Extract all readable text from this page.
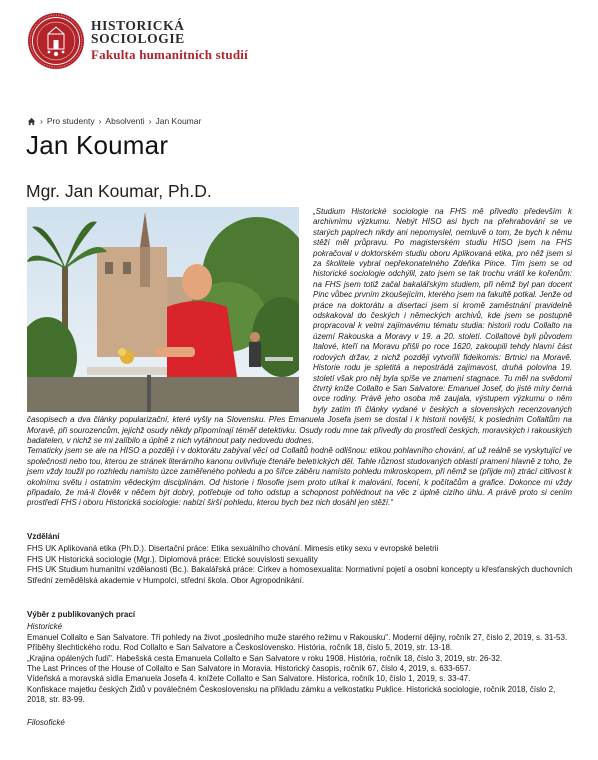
HISTORICKÁ
SOCIOLOGIE
Fakulta humanitních studií
› Pro studenty › Absolventi › Jan Koumar
Jan Koumar
Mgr. Jan Koumar, Ph.D.

„Studium Historické sociologie na FHS mě přivedlo především k archivnímu výzkumu. Nebýt HISO asi bych na přehrabování se ve starých papírech nikdy ani nepomyslel, nemluvě o tom, že bych k němu stěží měl průpravu. Po magisterském studiu HISO jsem na FHS pokračoval v doktorském studiu oboru Aplikovaná etika, pro něž jsem si za školitele vybral nepřekonatelného Zdeňka Pince. Tím jsem se od historické sociologie odchýlil, zato jsem se tak trochu vrátil ke kořenům: na FHS jsem totiž začal bakalářským studiem, při němž byl pan docent Pinc vůbec prvním zkoušejícím, kterého jsem na fakultě potkal. Jenže od práce na doktorátu a disertaci jsem si kromě zaměstnání pravidelně odskakoval do českých i německých archivů, kde jsem se postupně propracoval k velmi zajímavému tématu studia: historii rodu Collalto na území Rakouska a Moravy v 19. a 20. století. Collaltové byli původem Italové, kteří na Moravu přišli po roce 1620, zakoupili tehdy hlavní část rodových držav, z nichž později vytvořili fideikomis: Brtnici na Moravě. Historie rodu je spletitá a nepostrádá zajímavost, druhá polovina 19. století však pro něj byla spíše ve znamení stagnace. Tu měl na svědomí čtvrtý kníže Collalto e San Salvatore: Emanuel Josef, do jisté míry černá ovce rodiny. Právě jeho osoba mě zaujala, výstupem výzkumu o něm byly zatím tři články vydané v českých a slovenských recenzovaných časopisech a dva články popularizační, které vyšly na Slovensku. Přes Emanuela Josefa jsem se dostal i k historii novější, k posledním Collaltům na Moravě, při sourozencům, jejichž osudy někdy připomínají téměř detektivku. Osudy rodu mne tak přivedly do prostředí českých, moravských i rakouských badatelen, v nichž se mi zalíbilo a úplně z nich vytáhnout paty nedovedu dodnes.

Tematicky jsem se ale na HISO a později i v doktorátu zabýval věcí od Collaltů hodně odlišnou: etikou pohlavního chování, ať už reálně se vyskytující ve společnosti nebo tou, kterou ze stránek literárního kanonu ovlivňuje čtenáře beletrických děl. Tahle různost studovaných oblastí pramení hlavně z toho, že jsem vždy toužil po rozhledu namísto úzce zaměřeného pohledu a po šířce záběru namísto pohledu mikroskopem, při němž se (přijde mi) ztrácí citlivost k okolnímu světu i ostatním vědeckým disciplínám. Od historie i filosofie jsem proto utíkal k malování, focení, k počítačům a grafice. Dokonce mi vždy připadalo, že má-li člověk v něčem být dobrý, potřebuje od toho odstup a schopnost pohlédnout na věc z úplně cizího úhlu. A právě proto si cením prostředí FHS i oboru Historická sociologie: nabízí širší pohledu, kterou bych bez nich dosáhl jen stěží.“

Vzdělání

FHS UK Aplikovaná etika (Ph.D.). Disertační práce: Etika sexuálního chování. Mimesis etiky sexu v evropské beletrii

FHS UK Historická sociologie (Mgr.). Diplomová práce: Etické souvislosti sexuality

FHS UK Studium humanitní vzdělanosti (Bc.). Bakalářská práce: Církev a homosexualita: Normativní pojetí a osobní koncepty u křesťanských duchovních

Střední zemědělská akademie v Humpolci, střední škola. Obor Agropodnikání.

Výběr z publikovaných prací

Historické

Emanuel Collalto e San Salvatore. Tři pohledy na život „posledního muže starého režimu v Rakousku". Moderní dějiny, ročník 27, číslo 2, 2019, s. 31-53.

Příběhy šlechtického rodu. Rod Collalto e San Salvatore a Československo. História, ročník 18, číslo 5, 2019, str. 13-18.

„Krajina opálených ľudí". Habešská cesta Emanuela Collalto e San Salvatore v roku 1908. História, ročník 18, číslo 3, 2019, str. 26-32.

The Last Princes of the House of Collalto e San Salvatore in Moravia. Historický časopis, ročník 67, číslo 4, 2019, s. 633-657.

Vídeňská a moravská sídla Emanuela Josefa 4. knížete Collalto e San Salvatore. Historica, ročník 10, číslo 1, 2019, s. 33-47.

Konfiskace majetku českých Židů v poválečném Československu na příkladu zámku a velkostatku Puklice. Historická sociologie, ročník 2018, číslo 2, 2018, str. 83-99.

Filosofické
